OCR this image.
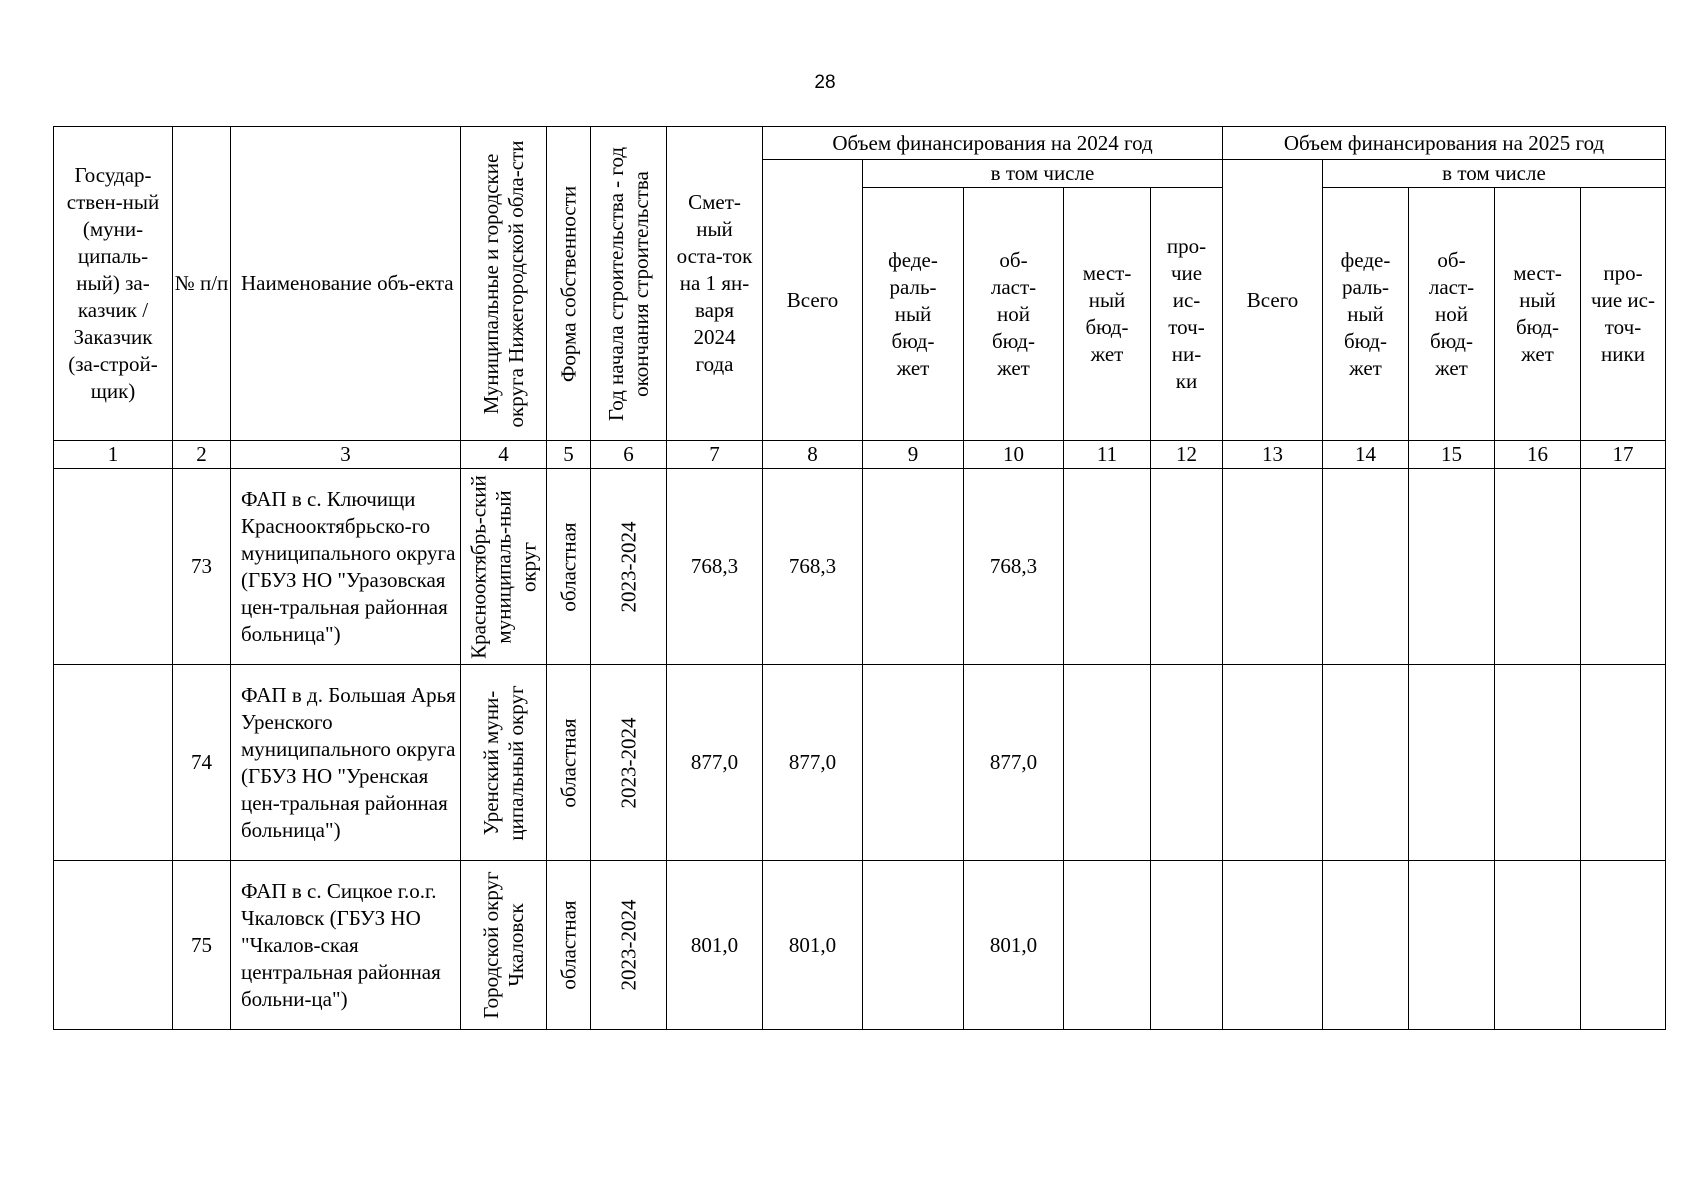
28
Государ-ствен-ный (муни-ципаль-ный) за-казчик / Заказчик (за-строй-щик)	№ п/п	Наименование объ-екта	Муниципальные и городские округа Нижегородской обла-сти	Форма собственности	Год начала строительства - год окончания строительства	Смет-ный оста-ток на 1 ян-варя 2024 года	Объем финансирования на 2024 год					Объем финансирования на 2025 год				
							Всего	в том числе				Всего	в том числе			
								феде-раль-ный бюд-жет	об-ласт-ной бюд-жет	мест-ный бюд-жет	про-чие ис-точ-ни-ки		феде-раль-ный бюд-жет	об-ласт-ной бюд-жет	мест-ный бюд-жет	про-чие ис-точ-ники
1	2	3	4	5	6	7	8	9	10	11	12	13	14	15	16	17
	73	ФАП в с. Ключищи Краснооктябрьско-го муниципального округа (ГБУЗ НО "Уразовская цен-тральная районная больница")	Краснооктябрь-ский муниципаль-ный округ	областная	2023-2024	768,3	768,3		768,3							
	74	ФАП в д. Большая Арья Уренского муниципального округа (ГБУЗ НО "Уренская цен-тральная районная больница")	Уренский муни-ципальный округ	областная	2023-2024	877,0	877,0		877,0							
	75	ФАП в с. Сицкое г.о.г. Чкаловск (ГБУЗ НО "Чкалов-ская центральная районная больни-ца")	Городской округ Чкаловск	областная	2023-2024	801,0	801,0		801,0							
